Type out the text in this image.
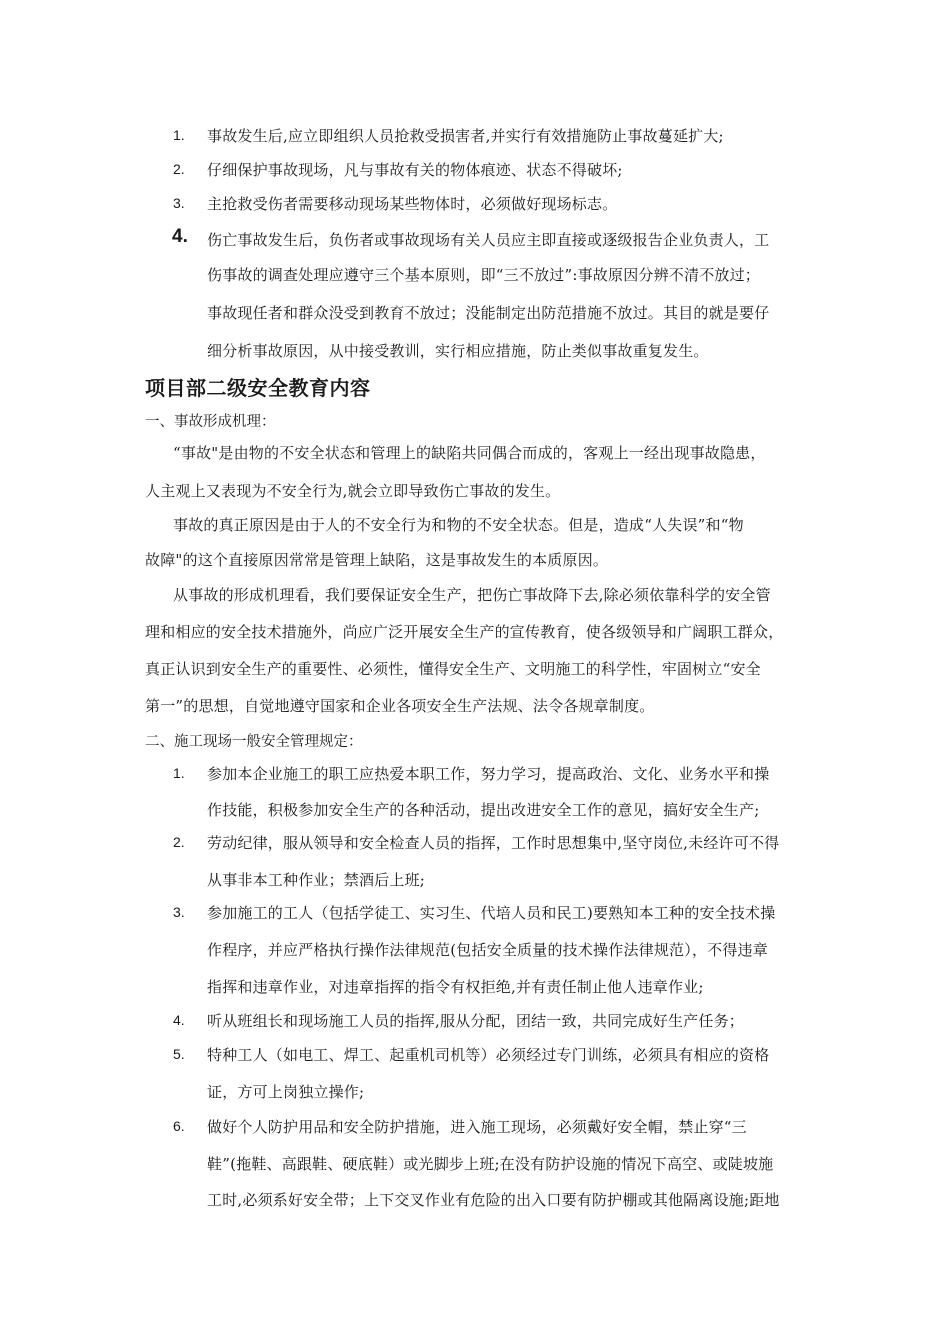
1. 事故发生后,应立即组织人员抢救受损害者,并实行有效措施防止事故蔓延扩大;
2. 仔细保护事故现场，凡与事故有关的物体痕迹、状态不得破坏;
3. 主抢救受伤者需要移动现场某些物体时，必须做好现场标志。
4. 伤亡事故发生后，负伤者或事故现场有关人员应主即直接或逐级报告企业负责人，工
伤事故的调查处理应遵守三个基本原则，即“三不放过”:事故原因分辨不清不放过；
事故现任者和群众没受到教育不放过；没能制定出防范措施不放过。其目的就是要仔
细分析事故原因，从中接受教训，实行相应措施，防止类似事故重复发生。
项目部二级安全教育内容
一、事故形成机理：
“事故"是由物的不安全状态和管理上的缺陷共同偶合而成的，客观上一经出现事故隐患，
人主观上又表现为不安全行为,就会立即导致伤亡事故的发生。
事故的真正原因是由于人的不安全行为和物的不安全状态。但是，造成“人失误”和“物
故障"的这个直接原因常常是管理上缺陷，这是事故发生的本质原因。
从事故的形成机理看，我们要保证安全生产，把伤亡事故降下去,除必须依靠科学的安全管
理和相应的安全技术措施外，尚应广泛开展安全生产的宣传教育，使各级领导和广阔职工群众，
真正认识到安全生产的重要性、必须性，懂得安全生产、文明施工的科学性，牢固树立“安全
第一”的思想，自觉地遵守国家和企业各项安全生产法规、法令各规章制度。
二、施工现场一般安全管理规定：
1. 参加本企业施工的职工应热爱本职工作，努力学习，提高政治、文化、业务水平和操
作技能，积极参加安全生产的各种活动，提出改进安全工作的意见，搞好安全生产;
2. 劳动纪律，服从领导和安全检查人员的指挥，工作时思想集中,坚守岗位,未经许可不得
从事非本工种作业；禁酒后上班;
3. 参加施工的工人（包括学徒工、实习生、代培人员和民工)要熟知本工种的安全技术操
作程序，并应严格执行操作法律规范(包括安全质量的技术操作法律规范），不得违章
指挥和违章作业，对违章指挥的指令有权拒绝,并有责任制止他人违章作业;
4. 听从班组长和现场施工人员的指挥,服从分配，团结一致，共同完成好生产任务；
5. 特种工人（如电工、焊工、起重机司机等）必须经过专门训练，必须具有相应的资格
证，方可上岗独立操作;
6. 做好个人防护用品和安全防护措施，进入施工现场，必须戴好安全帽，禁止穿“三
鞋”(拖鞋、高跟鞋、硬底鞋）或光脚步上班;在没有防护设施的情况下高空、或陡坡施
工时,必须系好安全带；上下交叉作业有危险的出入口要有防护棚或其他隔离设施;距地
